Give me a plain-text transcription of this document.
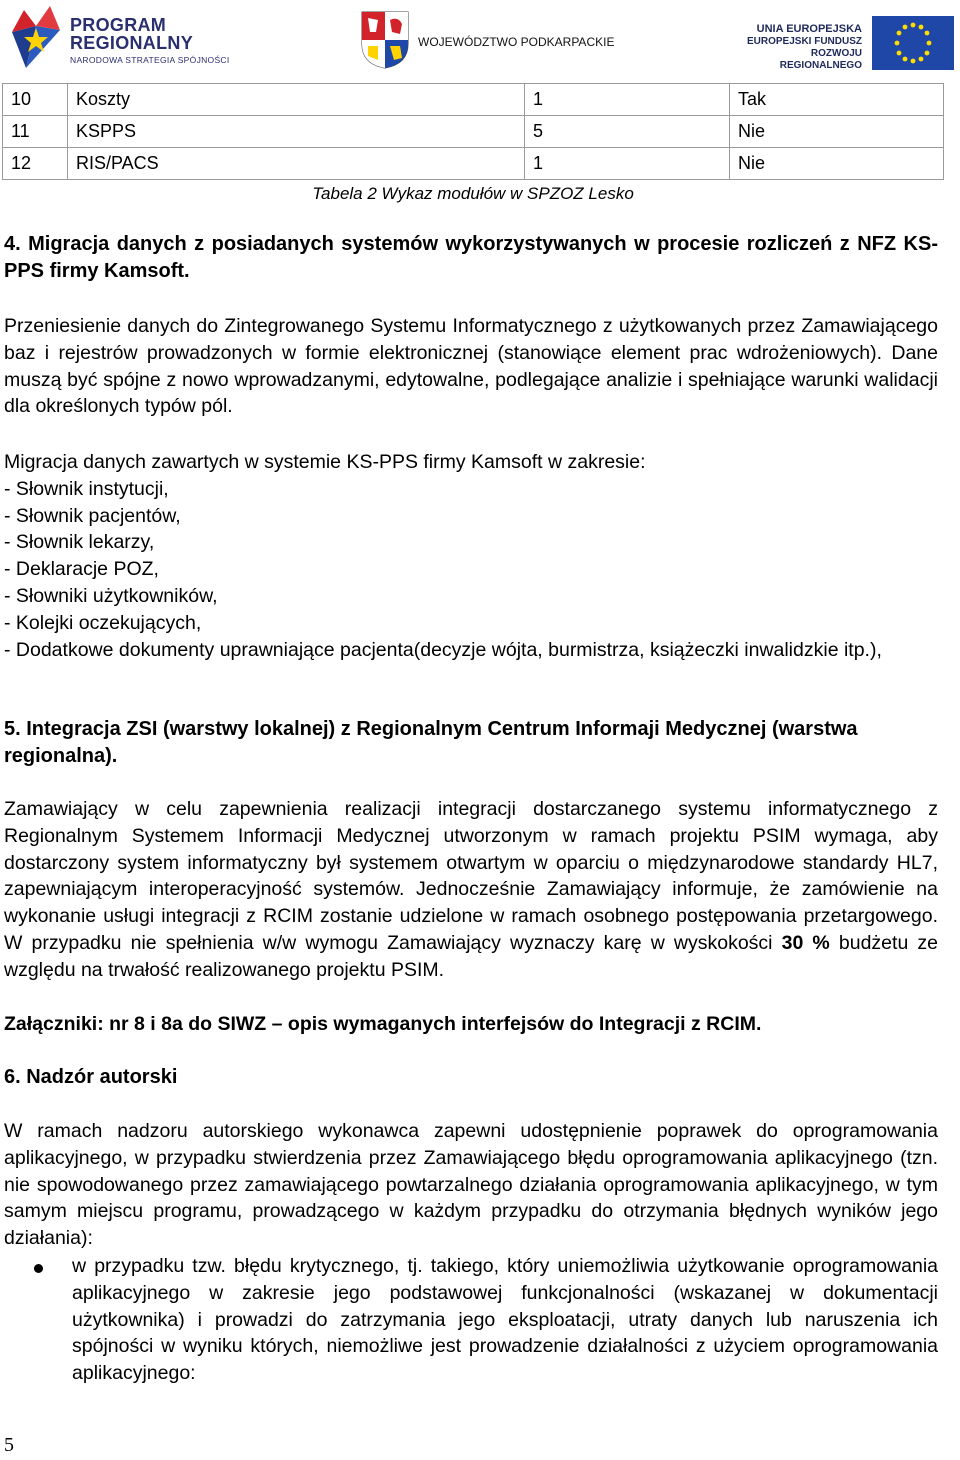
PROGRAM
REGIONALNY
NARODOWA STRATEGIA SPÓJNOŚCI
WOJEWÓDZTWO PODKARPACKIE
UNIA EUROPEJSKA
EUROPEJSKI FUNDUSZ
ROZWOJU REGIONALNEGO
10	Koszty	1	Tak
11	KSPPS	5	Nie
12	RIS/PACS	1	Nie
Tabela 2 Wykaz modułów w SPZOZ Lesko
4. Migracja danych z posiadanych systemów wykorzystywanych w procesie rozliczeń z NFZ KS-PPS firmy Kamsoft.
Przeniesienie danych do Zintegrowanego Systemu Informatycznego z użytkowanych przez Zamawiającego baz i rejestrów prowadzonych w formie elektronicznej (stanowiące element prac wdrożeniowych). Dane muszą być spójne z nowo wprowadzanymi, edytowalne, podlegające analizie i spełniające warunki walidacji dla określonych typów pól.
Migracja danych zawartych w systemie KS-PPS firmy Kamsoft w zakresie:
- Słownik instytucji,
- Słownik pacjentów,
- Słownik lekarzy,
- Deklaracje POZ,
- Słowniki użytkowników,
- Kolejki oczekujących,
- Dodatkowe dokumenty uprawniające pacjenta(decyzje wójta, burmistrza, książeczki inwalidzkie itp.),
5. Integracja ZSI (warstwy lokalnej) z Regionalnym Centrum Informaji Medycznej (warstwa regionalna).
Zamawiający w celu zapewnienia realizacji integracji dostarczanego systemu informatycznego z Regionalnym Systemem Informacji Medycznej utworzonym w ramach projektu PSIM wymaga, aby dostarczony system informatyczny był systemem otwartym w oparciu o międzynarodowe standardy HL7, zapewniającym interoperacyjność systemów. Jednocześnie Zamawiający informuje, że zamówienie na wykonanie usługi integracji z RCIM zostanie udzielone w ramach osobnego postępowania przetargowego. W przypadku nie spełnienia w/w wymogu Zamawiający wyznaczy karę w wyskokości 30 % budżetu ze względu na trwałość realizowanego projektu PSIM.
Załączniki: nr 8 i 8a do SIWZ – opis wymaganych interfejsów do Integracji z RCIM.
6. Nadzór autorski
W ramach nadzoru autorskiego wykonawca zapewni udostępnienie poprawek do oprogramowania aplikacyjnego, w przypadku stwierdzenia przez Zamawiającego błędu oprogramowania aplikacyjnego (tzn. nie spowodowanego przez zamawiającego powtarzalnego działania oprogramowania aplikacyjnego, w tym samym miejscu programu, prowadzącego w każdym przypadku do otrzymania błędnych wyników jego działania):
w przypadku tzw. błędu krytycznego, tj. takiego, który uniemożliwia użytkowanie oprogramowania aplikacyjnego w zakresie jego podstawowej funkcjonalności (wskazanej w dokumentacji użytkownika) i prowadzi do zatrzymania jego eksploatacji, utraty danych lub naruszenia ich spójności w wyniku których, niemożliwe jest prowadzenie działalności z użyciem oprogramowania aplikacyjnego:
5
